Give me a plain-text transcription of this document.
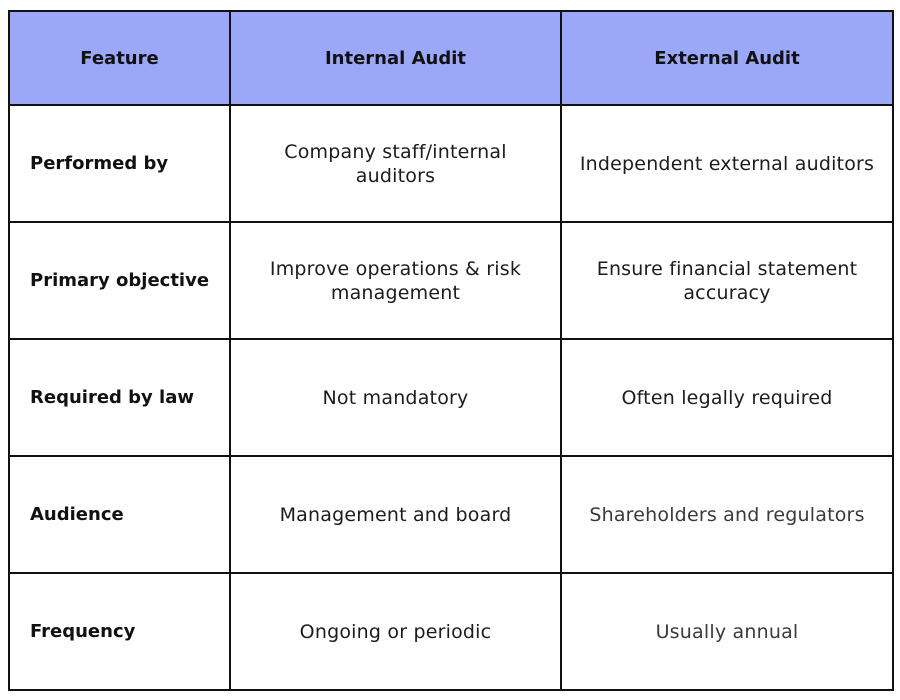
Feature	Internal Audit	External Audit
Performed by	Company staff/internal auditors	Independent external auditors
Primary objective	Improve operations & risk management	Ensure financial statement accuracy
Required by law	Not mandatory	Often legally required
Audience	Management and board	Shareholders and regulators
Frequency	Ongoing or periodic	Usually annual
